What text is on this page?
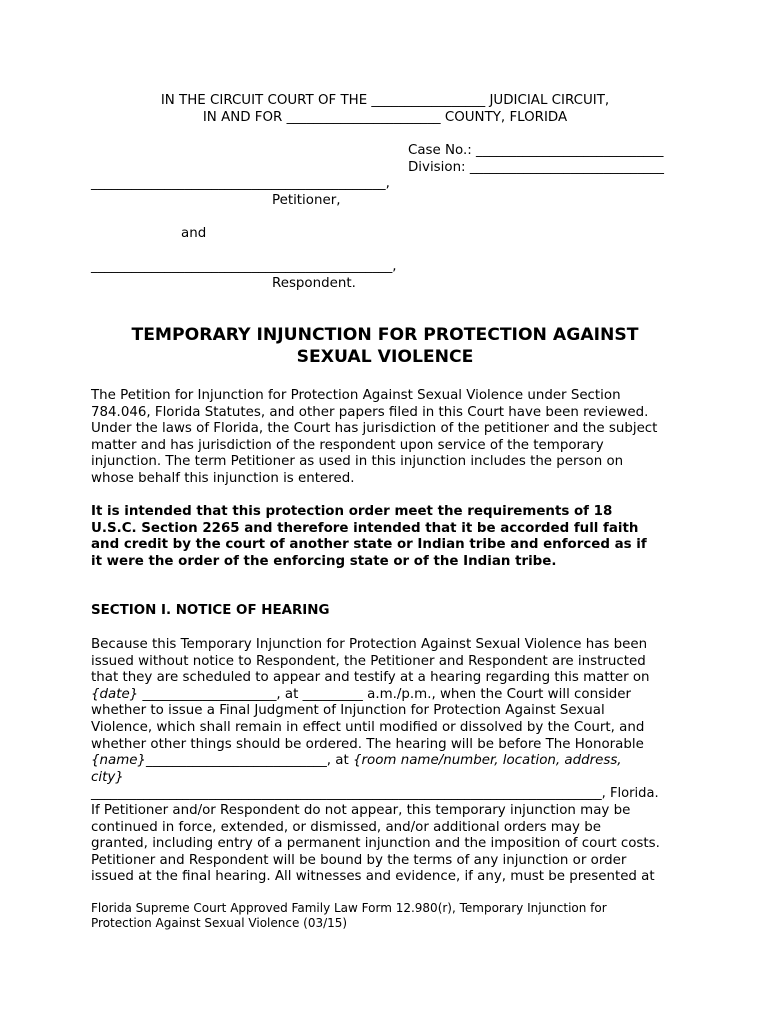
IN THE CIRCUIT COURT OF THE _________________ JUDICIAL CIRCUIT,
IN AND FOR _______________________ COUNTY, FLORIDA
Case No.: ____________________________
Division: _____________________________
____________________________________________,
Petitioner,
and
_____________________________________________,
Respondent.
TEMPORARY INJUNCTION FOR PROTECTION AGAINST
SEXUAL VIOLENCE
The Petition for Injunction for Protection Against Sexual Violence under Section
784.046, Florida Statutes, and other papers filed in this Court have been reviewed.
Under the laws of Florida, the Court has jurisdiction of the petitioner and the subject
matter and has jurisdiction of the respondent upon service of the temporary
injunction. The term Petitioner as used in this injunction includes the person on
whose behalf this injunction is entered.
It is intended that this protection order meet the requirements of 18
U.S.C. Section 2265 and therefore intended that it be accorded full faith
and credit by the court of another state or Indian tribe and enforced as if
it were the order of the enforcing state or of the Indian tribe.
SECTION I. NOTICE OF HEARING
Because this Temporary Injunction for Protection Against Sexual Violence has been
issued without notice to Respondent, the Petitioner and Respondent are instructed
that they are scheduled to appear and testify at a hearing regarding this matter on
{date} ____________________, at _________ a.m./p.m., when the Court will consider
whether to issue a Final Judgment of Injunction for Protection Against Sexual
Violence, which shall remain in effect until modified or dissolved by the Court, and
whether other things should be ordered. The hearing will be before The Honorable
{name}___________________________, at {room name/number, location, address,
city}
______________________________________________________________________________, Florida.
If Petitioner and/or Respondent do not appear, this temporary injunction may be
continued in force, extended, or dismissed, and/or additional orders may be
granted, including entry of a permanent injunction and the imposition of court costs.
Petitioner and Respondent will be bound by the terms of any injunction or order
issued at the final hearing. All witnesses and evidence, if any, must be presented at
Florida Supreme Court Approved Family Law Form 12.980(r), Temporary Injunction for
Protection Against Sexual Violence (03/15)
